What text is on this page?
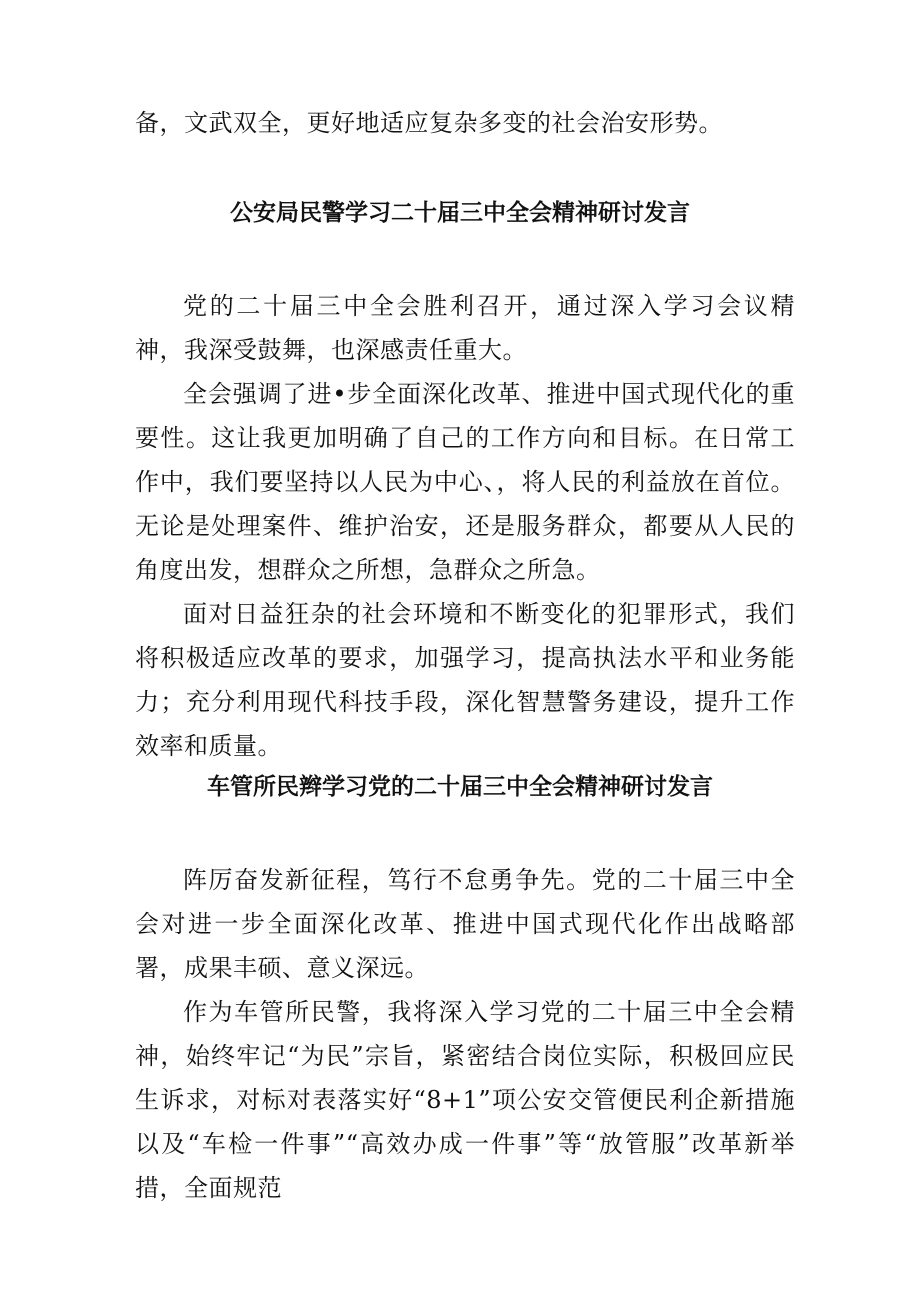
备，文武双全，更好地适应复杂多变的社会治安形势。

公安局民警学习二十届三中全会精神研讨发言

党的二十届三中全会胜利召开，通过深入学习会议精神，我深受鼓舞，也深感责任重大。

全会强调了进•步全面深化改革、推进中国式现代化的重要性。这让我更加明确了自己的工作方向和目标。在日常工作中，我们要坚持以人民为中心、，将人民的利益放在首位。无论是处理案件、维护治安，还是服务群众，都要从人民的角度出发，想群众之所想，急群众之所急。

面对日益狂杂的社会环境和不断变化的犯罪形式，我们将积极适应改革的要求，加强学习，提高执法水平和业务能力；充分利用现代科技手段，深化智慧警务建设，提升工作效率和质量。

车管所民辫学习党的二十届三中全会精神研讨发言

阵厉奋发新征程，笃行不怠勇争先。党的二十届三中全会对进一步全面深化改革、推进中国式现代化作出战略部署，成果丰硕、意义深远。

作为车管所民警，我将深入学习党的二十届三中全会精神，始终牢记“为民”宗旨，紧密结合岗位实际，积极回应民生诉求，对标对表落实好“8+1”项公安交管便民利企新措施以及“车检一件事”“高效办成一件事”等“放管服”改革新举措，全面规范
